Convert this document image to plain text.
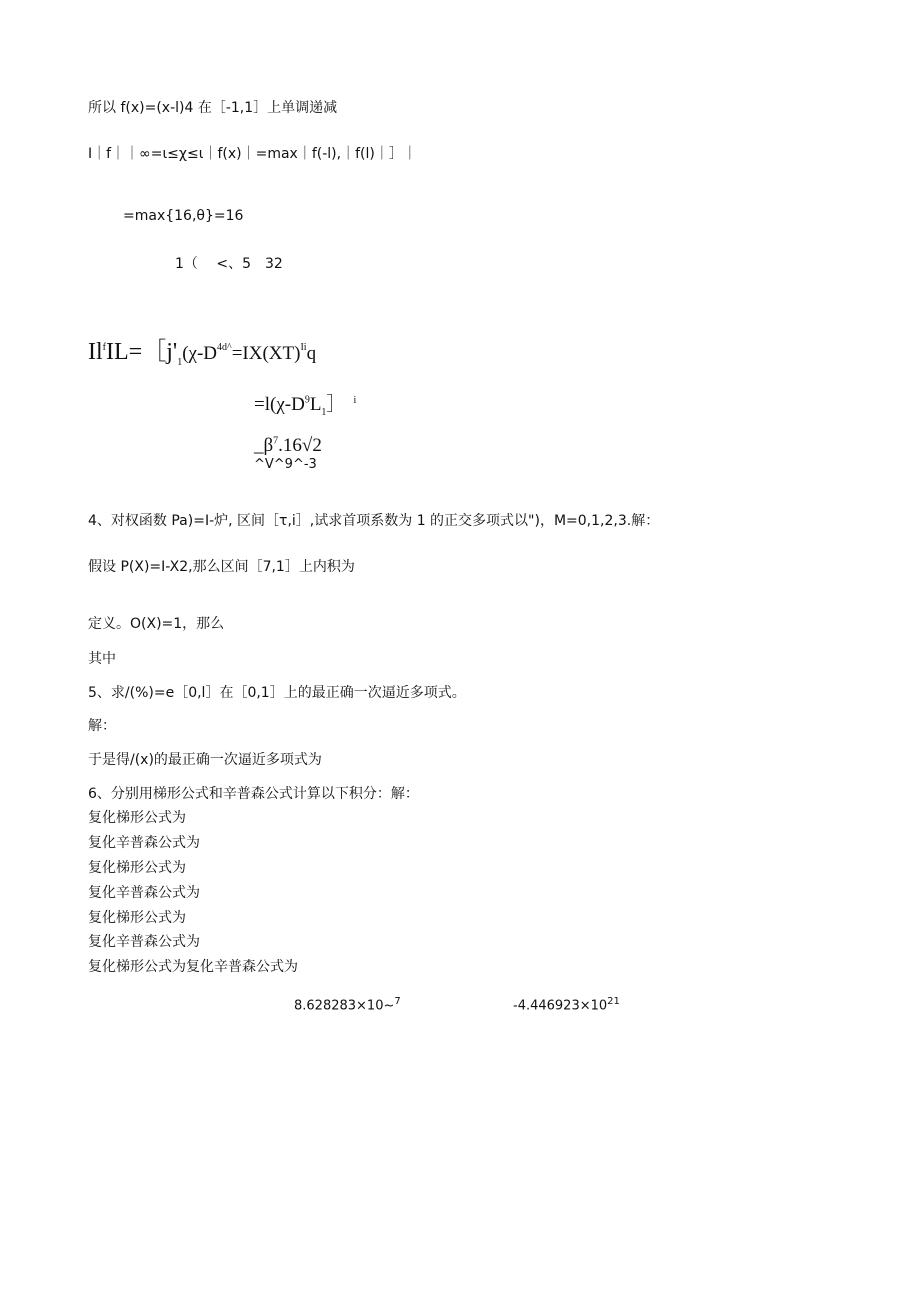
所以 f(x)=(x-l)4 在［-1,1］上单调递减
I｜f｜｜∞=ι≤χ≤ι｜f(x)｜=max｜f(-l),｜f(l)｜］｜
=max{16,θ}=16
1（　 <、5　32
$Il^fIL=[j'_1(\chi-D^{4d\^{}}=IX(XT)^{Ii}q$
$=l(\chi-D^9L_1]$ $^i$
$\_\beta^7.16√2$
^V^9^-3
4、对权函数 Pa)=I-炉, 区间［τ,i］,试求首项系数为 1 的正交多项式以")，M=0,1,2,3.解：
假设 P(X)=I-X2,那么区间［7,1］上内积为
定义。O(X)=1，那么
其中
5、求/(%)=e［0,l］在［0,1］上的最正确一次逼近多项式。
解：
于是得/(x)的最正确一次逼近多项式为
6、分别用梯形公式和辛普森公式计算以下积分：解：
复化梯形公式为
复化辛普森公式为
复化梯形公式为
复化辛普森公式为
复化梯形公式为
复化辛普森公式为
复化梯形公式为复化辛普森公式为
8.628283×10~$^7$	$-4.446923\times 10^{21}$
